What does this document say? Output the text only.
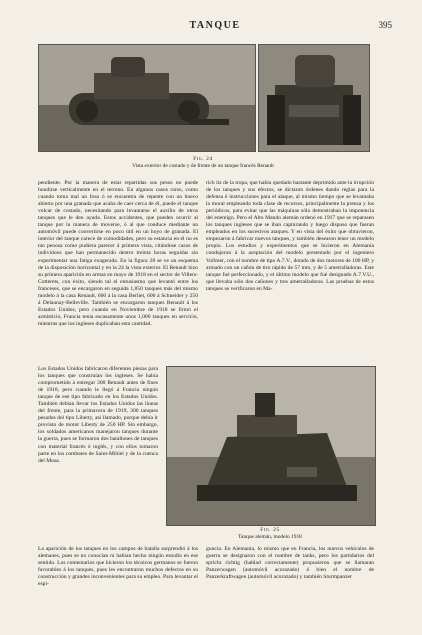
TANQUE	395
Fig. 24
Vista exterior de costado y de frente de un tanque francés Renault

pendiente. Por la manera de estar repartidas sus pesos no puede hundirse verticalmente en el terreno. En algunos casos raros, como cuando toma mal un foso ó se encuentra de repente con un hueco abierto por una granada que acaba de caer cerca de él, puede el tanque volcar de costado, necesitando para levantarse el auxilio de otros tanques que le den ayuda. Estos accidentes, que pueden ocurrir al tanque por la manera de moverse, ó al que conduce mediante un automóvil puede convertirse en poco útil en un hoyo de granada. El interior del tanque carece de comodidades, pero su estancia en él no es tan penosa como pudiera parecer á primera vista, citándose casos de individuos que han permanecido dentro treinta horas seguidas sin experimentar una fatiga exagerada. En la figura 28 se ve un esquema de la disposición horizontal y en la 24 la vista exterior. El Renault hizo su primera aparición en armas en mayo de 1918 en el sector de Villers-Cotterets, con éxito, siendo tal el entusiasmo que levantó entre los franceses, que se encargaron en seguida 1,850 tanques más del mismo modelo á la casa Renault, 600 á la casa Berliet, 600 á Schneider y 250 á Delaunay-Belleville. También se encargaron tanques Renault á los Estados Unidos, pero cuando en Noviembre de 1918 se firmó el armisticio, Francia tenía escasamente unos 1,000 tanques en servicio, mientras que los ingleses duplicaban esta cantidad.

rich itz de la tropa, que había quedado bastante deprimido ante la irrupción de los tanques y sus efectos, se dictaron órdenes dando reglas para la defensa é instrucciones para el ataque, al mismo tiempo que se levantaba la moral empleando toda clase de recursos, principalmente la prensa y los periódicos, para evitar que las máquinas sólo demostraban la impotencia del enemigo. Pero el Alto Mando alemán ordenó en 1917 que se reparasen los tanques ingleses que se iban capturando y luego dispuso que fueran empleados en los sucesivos ataques. Y en vista del éxito que obtuvieron, empezaron á fabricar nuevos tanques, y también desearon tener un modelo propio. Los estudios y experimentos que se hicieron en Alemania condujeron á la aceptación del modelo presentado por el ingeniero Vollmer, con el nombre de tipo A.7.V., dotado de dos motores de 100 HP, y armado con un cañón de tiro rápido de 57 mm, y de 5 ametralladoras. Este tanque fué perfeccionado, y el último modelo que fué designado A.7.V.U., que llevaba sólo dos cañones y tres ametralladoras. Las pruebas de estos tanques se verificaron en Ma-

Los Estados Unidos fabricaron diferentes piezas para los tanques que construían los ingleses. Se había comprometido á entregar 300 Renault antes de fines de 1918, pero cuando le llegó á Francia ningún tanque de ese tipo fabricado en los Estados Unidos. También debían llevar los Estados Unidos las líneas del frente, para la primavera de 1919, 300 tanques pesados del tipo Liberty, así llamado, porque debía ir provisto de motor Liberty de 250 HP. Sin embargo, los soldados americanos manejaron tanques durante la guerra, pues se formaron dos batallones de tanques con material francés é inglés, y con ellos tomaron parte en los combates de Saint-Mihiel y de la cuenca del Mosa.

Fig. 25
Tanque alemán, modelo 1918

La aparición de los tanques en los campos de batalla sorprendió á los alemanes, pues se no conocían ni habían hecho ningún estudio en ese sentido. Los comentarios que hicieron los técnicos germanos se fueron favorables á los tanques, pues les encontraron muchos defectos en su construcción y grandes inconvenientes para su empleo. Para levantar el espí-

guncia. En Alemania, lo mismo que en Francia, los nuevos vehículos de guerra se designaron con el nombre de tanks, pero los partidarios del spricht richtig (hablad correctamente) propusieron que se llamaran Panzerwagen (automóvil acorazado) ó bien el nombre de Panzerkraftwagen (automóvil acorazado) y también Sturmpanzer
